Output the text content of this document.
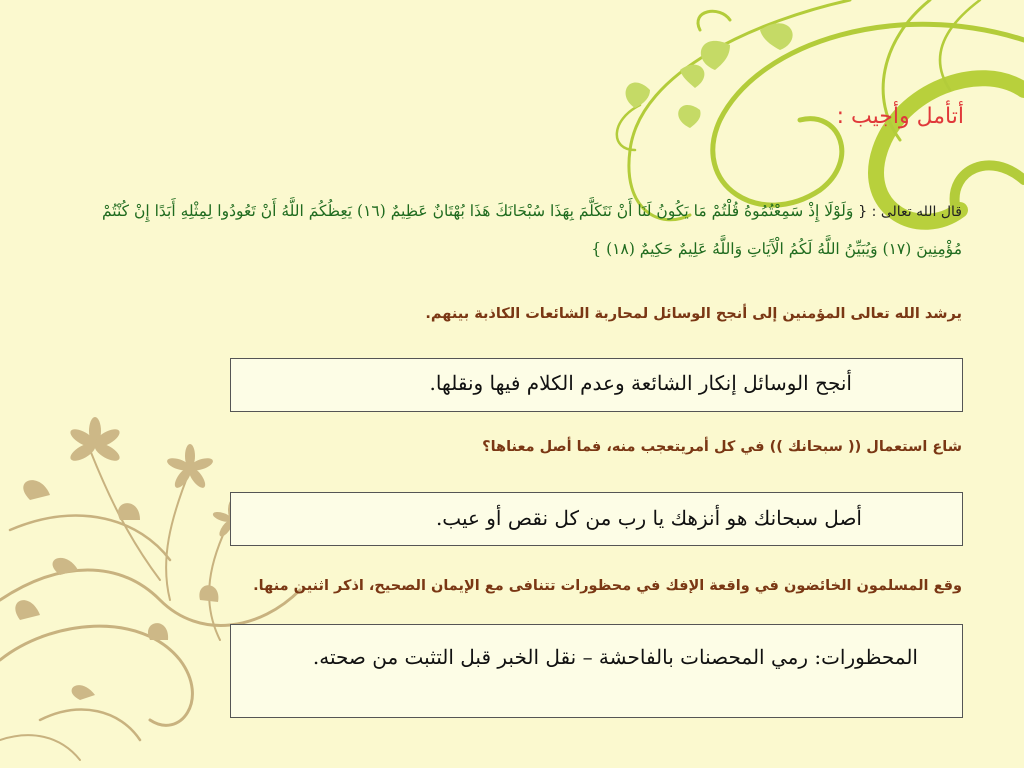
أتأمل وأجيب :
قال الله تعالى : { وَلَوْلَا إِذْ سَمِعْتُمُوهُ قُلْتُمْ مَا يَكُونُ لَنَا أَنْ نَتَكَلَّمَ بِهَذَا سُبْحَانَكَ هَذَا بُهْتَانٌ عَظِيمٌ (١٦) يَعِظُكُمَ اللَّهُ أَنْ تَعُودُوا لِمِثْلِهِ أَبَدًا إِنْ كُنْتُمْ مُؤْمِنِينَ (١٧) وَيُبَيِّنُ اللَّهُ لَكُمُ الْآَيَاتِ وَاللَّهُ عَلِيمٌ حَكِيمٌ (١٨) }
يرشد الله تعالى المؤمنين إلى أنجح الوسائل لمحاربة الشائعات الكاذبة بينهم.
أنجح الوسائل إنكار الشائعة وعدم الكلام فيها ونقلها.
شاع استعمال (( سبحانك )) في كل أمريتعجب منه، فما أصل معناها؟
أصل سبحانك هو أنزهك يا رب من كل نقص أو عيب.
وقع المسلمون الخائضون في واقعة الإفك في محظورات تتنافى مع الإيمان الصحيح، اذكر اثنين منها.
المحظورات: رمي المحصنات بالفاحشة – نقل الخبر قبل التثبت من صحته.
